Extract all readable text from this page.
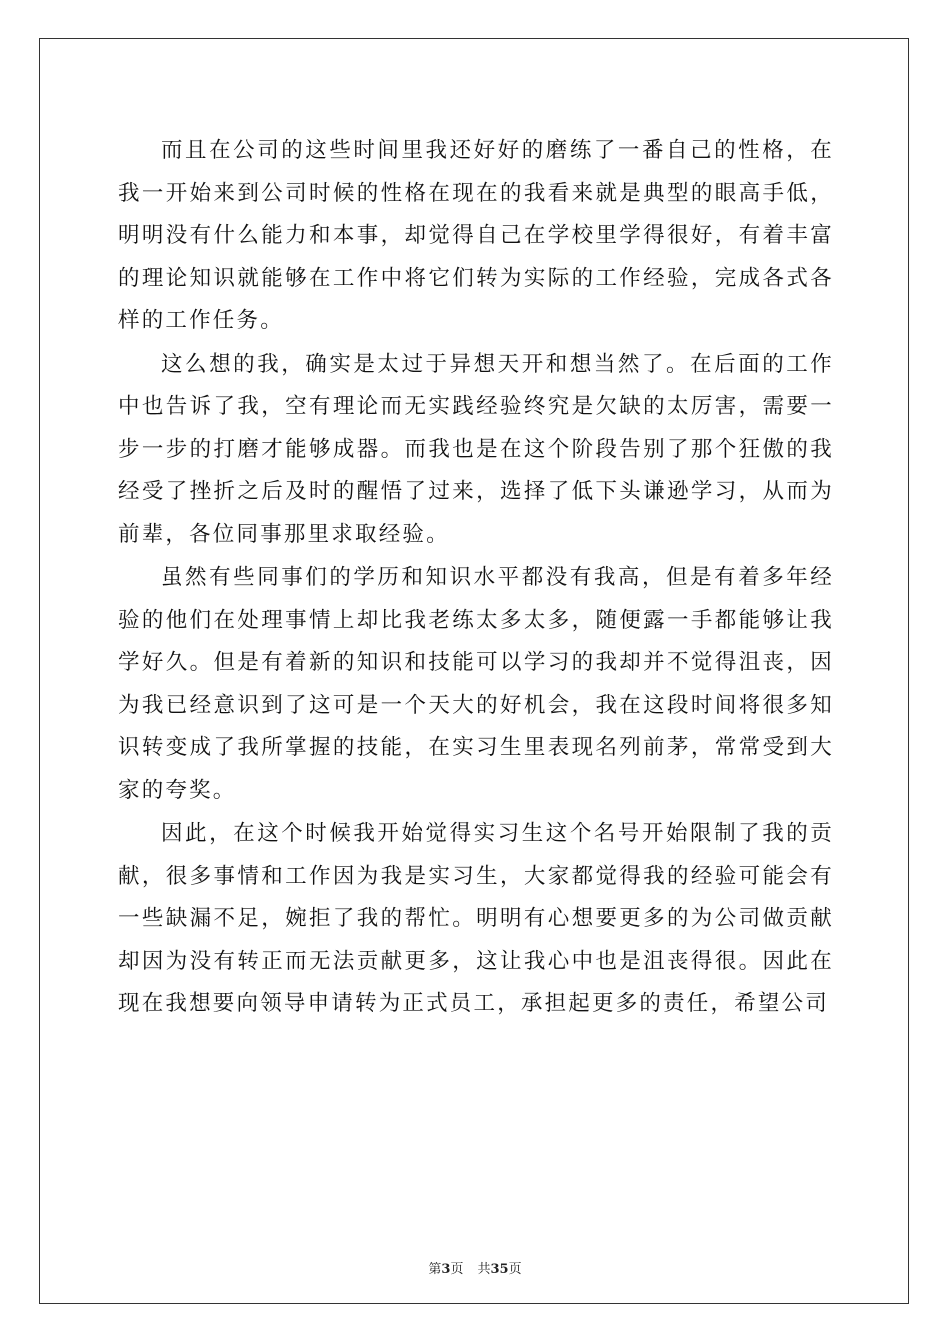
而且在公司的这些时间里我还好好的磨练了一番自己的性格，在我一开始来到公司时候的性格在现在的我看来就是典型的眼高手低，明明没有什么能力和本事，却觉得自己在学校里学得很好，有着丰富的理论知识就能够在工作中将它们转为实际的工作经验，完成各式各样的工作任务。

这么想的我，确实是太过于异想天开和想当然了。在后面的工作中也告诉了我，空有理论而无实践经验终究是欠缺的太厉害，需要一步一步的打磨才能够成器。而我也是在这个阶段告别了那个狂傲的我经受了挫折之后及时的醒悟了过来，选择了低下头谦逊学习，从而为前辈，各位同事那里求取经验。

虽然有些同事们的学历和知识水平都没有我高，但是有着多年经验的他们在处理事情上却比我老练太多太多，随便露一手都能够让我学好久。但是有着新的知识和技能可以学习的我却并不觉得沮丧，因为我已经意识到了这可是一个天大的好机会，我在这段时间将很多知识转变成了我所掌握的技能，在实习生里表现名列前茅，常常受到大家的夸奖。

因此，在这个时候我开始觉得实习生这个名号开始限制了我的贡献，很多事情和工作因为我是实习生，大家都觉得我的经验可能会有一些缺漏不足，婉拒了我的帮忙。明明有心想要更多的为公司做贡献却因为没有转正而无法贡献更多，这让我心中也是沮丧得很。因此在现在我想要向领导申请转为正式员工，承担起更多的责任，希望公司

第3页 共35页
